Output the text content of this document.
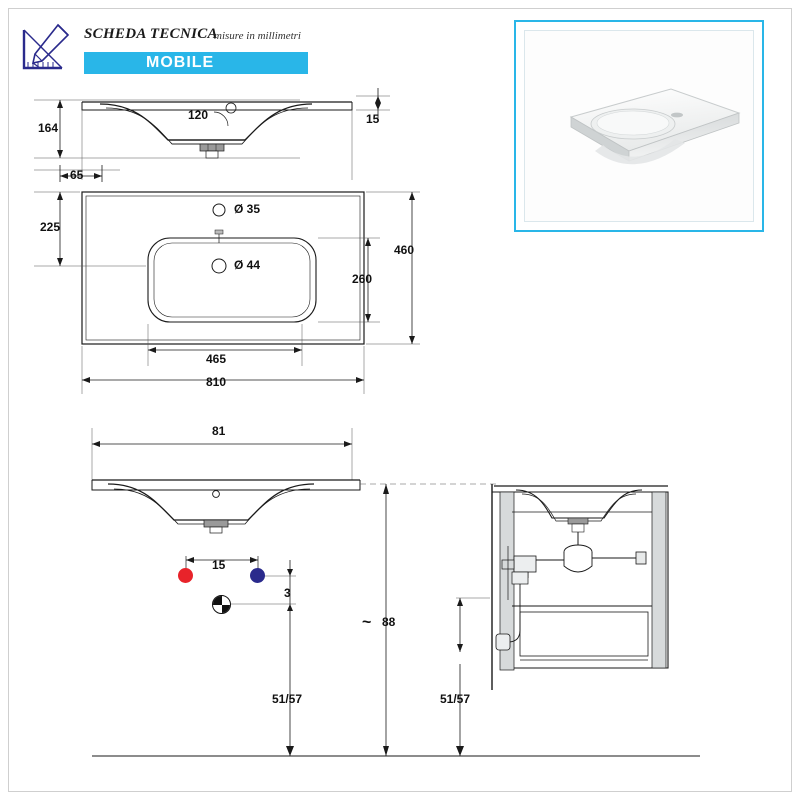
SCHEDA TECNICA
misure in millimetri
MOBILE
164
120	15
65
225
Ø 35
Ø 44
460
260
465
810
81
15
3
~ 88
51/57	51/57
